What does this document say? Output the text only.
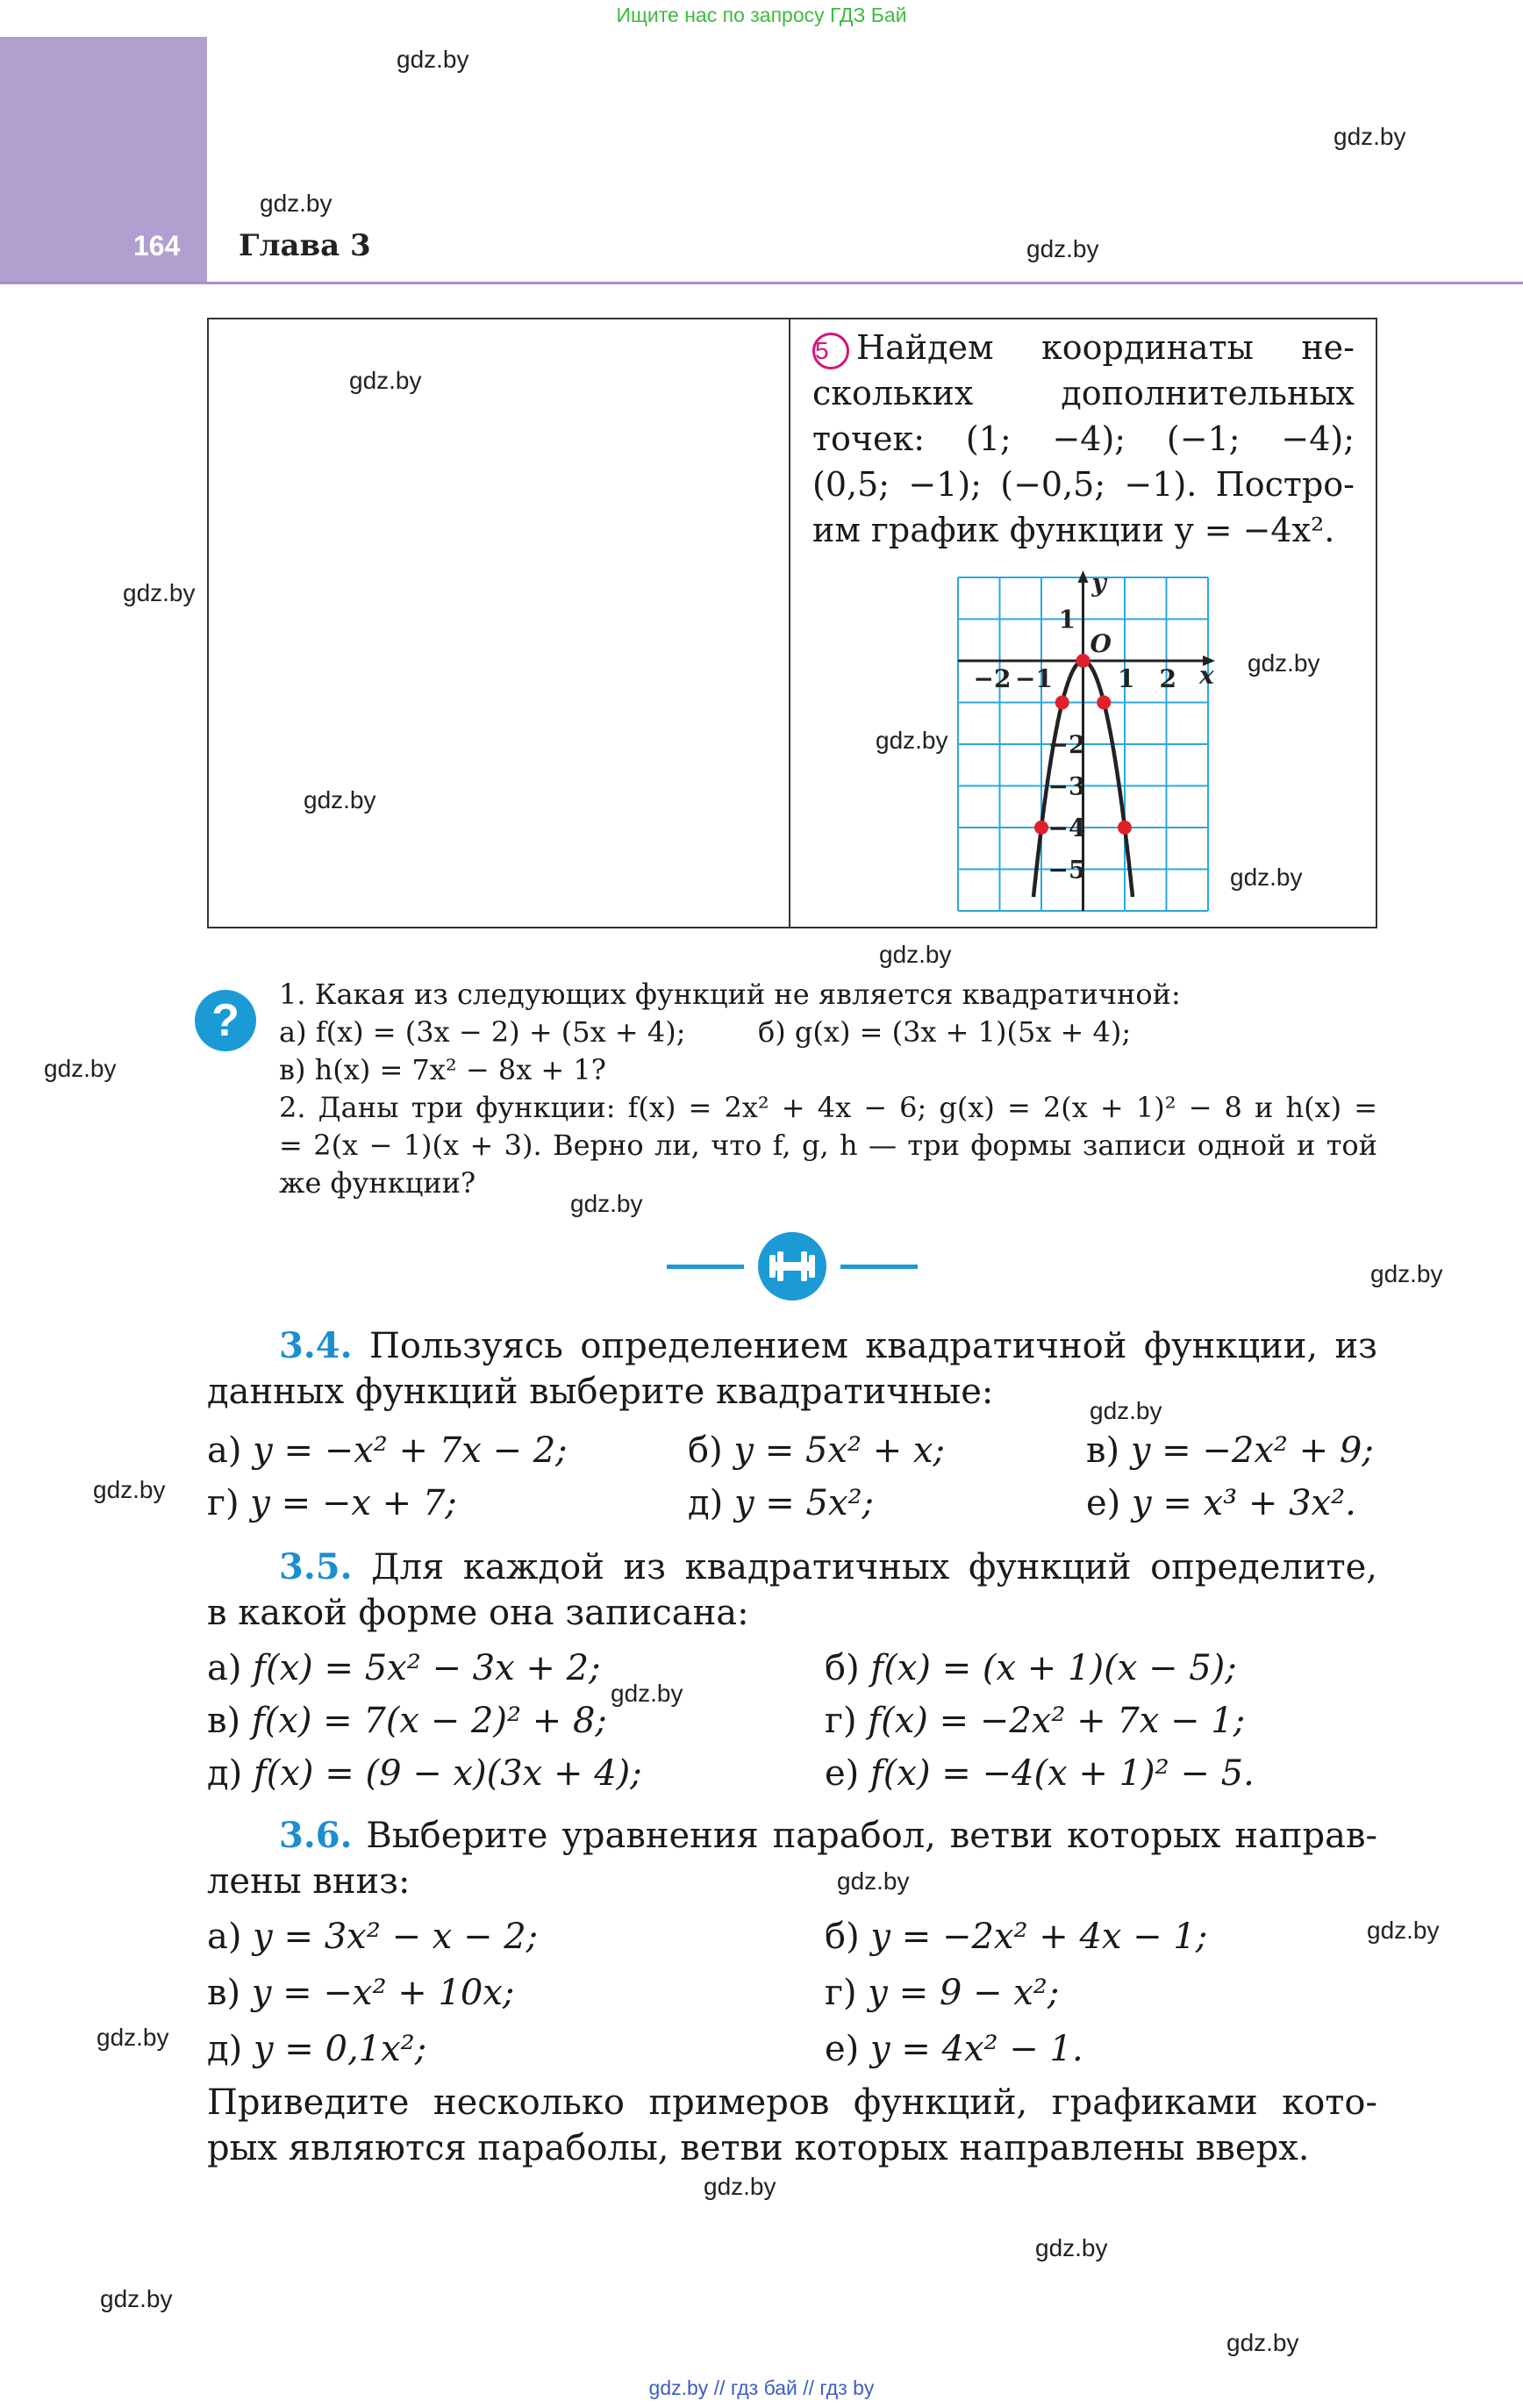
Ищите нас по запросу ГДЗ Бай
164 Глава 3
5 Найдем координаты не-
скольких дополнительных
точек: (1; −4); (−1; −4);
(0,5; −1); (−0,5; −1). Постро-
им график функции y = −4x².
x
y
O
−2 −1	1 2
1
−2
−3
−4
−5
?
1. Какая из следующих функций не является квадратичной:
а) f(x) = (3x − 2) + (5x + 4);	б) g(x) = (3x + 1)(5x + 4);
в) h(x) = 7x² − 8x + 1?
2. Даны три функции: f(x) = 2x² + 4x − 6; g(x) = 2(x + 1)² − 8 и h(x) =
= 2(x − 1)(x + 3). Верно ли, что f, g, h — три формы записи одной и той
же функции?
3.4. Пользуясь определением квадратичной функции, из
данных функций выберите квадратичные:
а) y = −x² + 7x − 2;	б) y = 5x² + x;	в) y = −2x² + 9;
г) y = −x + 7;	д) y = 5x²;	е) y = x³ + 3x².
3.5. Для каждой из квадратичных функций определите,
в какой форме она записана:
а) f(x) = 5x² − 3x + 2;	б) f(x) = (x + 1)(x − 5);
в) f(x) = 7(x − 2)² + 8;	г) f(x) = −2x² + 7x − 1;
д) f(x) = (9 − x)(3x + 4);	е) f(x) = −4(x + 1)² − 5.
3.6. Выберите уравнения парабол, ветви которых направ-
лены вниз:
а) y = 3x² − x − 2;	б) y = −2x² + 4x − 1;
в) y = −x² + 10x;	г) y = 9 − x²;
д) y = 0,1x²;	е) y = 4x² − 1.
Приведите несколько примеров функций, графиками кото-
рых являются параболы, ветви которых направлены вверх.
gdz.by
gdz.by
gdz.by
gdz.by
gdz.by
gdz.by
gdz.by
gdz.by
gdz.by
gdz.by
gdz.by
gdz.by
gdz.by
gdz.by
gdz.by
gdz.by
gdz.by
gdz.by
gdz.by
gdz.by
gdz.by
gdz.by
gdz.by
gdz.by
gdz.by // гдз бай // гдз by
